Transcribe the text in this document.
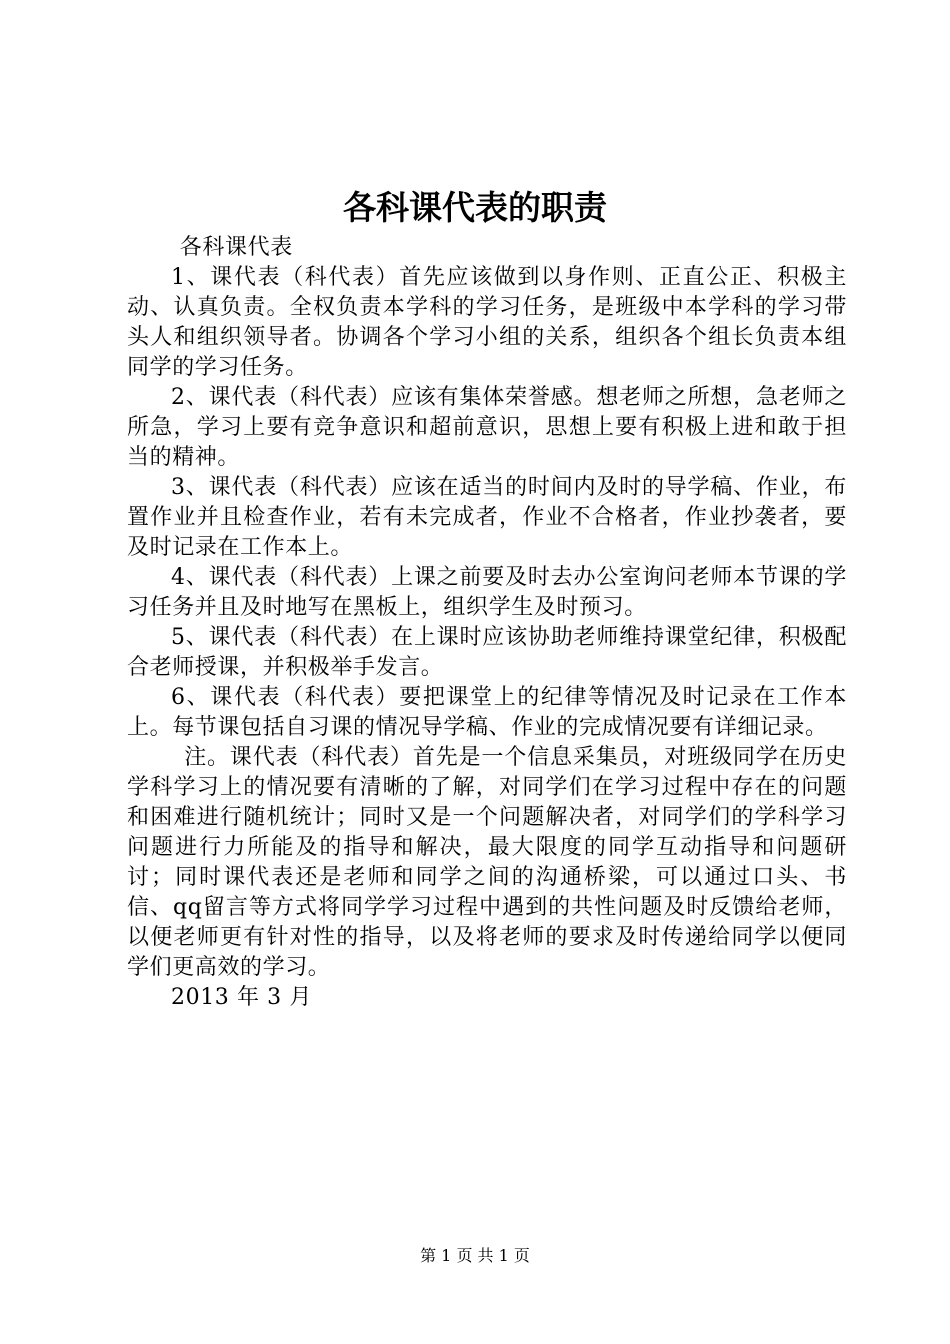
各科课代表的职责

各科课代表

1、课代表（科代表）首先应该做到以身作则、正直公正、积极主动、认真负责。全权负责本学科的学习任务，是班级中本学科的学习带头人和组织领导者。协调各个学习小组的关系，组织各个组长负责本组同学的学习任务。

2、课代表（科代表）应该有集体荣誉感。想老师之所想，急老师之所急，学习上要有竞争意识和超前意识，思想上要有积极上进和敢于担当的精神。

3、课代表（科代表）应该在适当的时间内及时的导学稿、作业，布置作业并且检查作业，若有未完成者，作业不合格者，作业抄袭者，要及时记录在工作本上。

4、课代表（科代表）上课之前要及时去办公室询问老师本节课的学习任务并且及时地写在黑板上，组织学生及时预习。

5、课代表（科代表）在上课时应该协助老师维持课堂纪律，积极配合老师授课，并积极举手发言。

6、课代表（科代表）要把课堂上的纪律等情况及时记录在工作本上。每节课包括自习课的情况导学稿、作业的完成情况要有详细记录。

注。课代表（科代表）首先是一个信息采集员，对班级同学在历史学科学习上的情况要有清晰的了解，对同学们在学习过程中存在的问题和困难进行随机统计；同时又是一个问题解决者，对同学们的学科学习问题进行力所能及的指导和解决，最大限度的同学互动指导和问题研讨；同时课代表还是老师和同学之间的沟通桥梁，可以通过口头、书信、qq留言等方式将同学学习过程中遇到的共性问题及时反馈给老师，以便老师更有针对性的指导，以及将老师的要求及时传递给同学以便同学们更高效的学习。

2013 年 3 月

第 1 页 共 1 页
